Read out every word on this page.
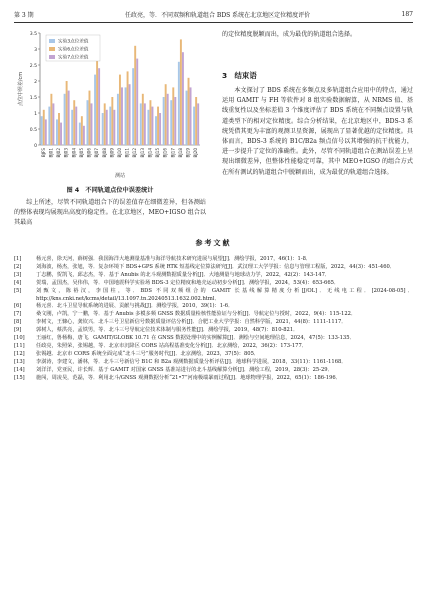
第 3 期	任政亮，等．不同双频和轨道组合 BDS 系统在北京地区定位精度评价	187
0
0.5
1
1.5
2
2.5
3
3.5
点位中误差/cm
BJFS BJ01 BJ02 BJ03 BJ04 BJ05 BJ06 BJ07 BJ08 BJ09 BJ10 BJ11 BJ12 BJ13 BJ14 BJ15 BJ16 BJ17 BJ18 BJ19 BJ20
测站
实验3点位差值
实验6点位差值
实验7点位差值
图 4　不同轨道点位中误差统计

综上所述，尽管不同轨道组合下的误差值存在细微差异，但各测站的整体表现均展现出高度的稳定性。在北京地区，MEO+IGSO 组合以其最高

的定位精度脱颖而出，成为最优的轨道组合选择。

3　结束语

本文探讨了 BDS 系统在多频点及多轨道组合应用中的特点，通过运用 GAMIT 与 FH 等软件对 8 组实验数据解算，从 NRMS 值、基线重复性以及坐标差值 3 个维度评估了 BDS 系统在不同频点设置与轨道类型下的相对定位精度。综合分析结果，在北京地区中，BDS-3 系统凭借其更为丰富的观测卫星资源，展现出了显著优越的定位精度。具体而言，BDS-3 系统的 B1C/B2a 频点信号以其增强的抗干扰能力，进一步提升了定位的准确性。此外，尽管不同轨道组合在测站误差上呈现出细微差异，但整体性能稳定可靠，其中 MEO+IGSO 的组合方式在所有测试的轨道组合中脱颖而出，成为最优的轨道组合选择。

参考文献
[1]	杨元喜，徐天河，薛树强．我国海洋大地测量基准与海洋导航技术研究进展与展望[J]．测绘学报，2017，46(1)：1-8．
[2]	刘海波，杨杰，张旭，等．复杂环境下 BDS+GPS 系统 RTK 短基线定位算法研究[J]．武汉理工大学学报：信息与管理工程版，2022，44(3)：451-460．
[3]	丁志鹏，贺凯飞，邱志杰，等．基于 Anubis 的北斗观测数据质量分析[J]．大地测量与地球动力学，2022，42(2)：143-147．
[4]	贺瑞，孟国杰，吴伟伟，等．中国地震科学实验场 BDS-3 定位精度和地壳运动初步分析[J]．测绘学报，2024，53(4)：653-665．
[5]	刘甄文，陈裕汉，李国柱，等．BDS 不同双频组合的 GAMIT 长基线解算精度分析[J/OL]．无线电工程．[2024-08-05]．http://kns.cnki.net/kcms/detail/13.1097.tn.20240513.1632.002.html．
[6]	杨元喜．北斗卫星导航系统的进展、贡献与挑战[J]．测绘学报，2010，39(1)：1-6．
[7]	桑文刚，卢凯，宁一鹏，等．基于 Anubis 多模多频 GNSS 数据质量检核性能验证与分析[J]．导航定位与授时，2022，9(4)：115-122．
[8]	李树文，王慷心，龚钦兴．北斗三号卫星新信号数据质量评估分析[J]．合肥工业大学学报：自然科学版，2021，44(8)：1111-1117．
[9]	郭树人，蔡洪亮，孟铁男，等．北斗三号导航定位技术体制与服务性能[J]．测绘学报，2019，48(7)：810-821．
[10]	王丽红，鲁杨梅，唐飞．GAMIT/GLOBK 10.71 在 GNSS 数据处理中的实例解算[J]．测绘与空间地理信息，2024，47(5)：133-135．
[11]	任政亮，朱照荣，张锡越，等．北京市沉降区 CORS 站高程基准变化分析[J]．北京测绘，2022，36(2)：173-177．
[12]	张锡越．北京市 CORS 系统全面完成“北斗三号”服务时代[J]．北京测绘，2023，37(5)：805．
[13]	李澍涛，李建文，潘林，等．北斗三号新信号 B1C 和 B2a 观测数据质量分析评估[J]．地球科学进展，2018，33(11)：1161-1168．
[14]	刘洋洋，党亚民，许长辉．基于 GAMIT 对国家 GNSS 基准站进行的北斗基线解算分析[J]．测绘工程，2019，28(3)：25-29．
[15]	施闯，周凌昊，范磊，等．利用北斗/GNSS 观测数据分析“21•7”河南极端暴雨过程[J]．地球物理学报，2022，65(1)：186-196．
